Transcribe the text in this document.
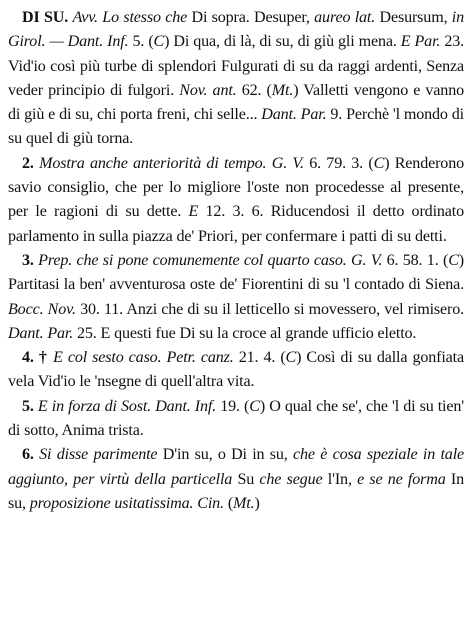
DI SU. Avv. Lo stesso che Di sopra. Desuper, aureo lat. Desursum, in Girol. — Dant. Inf. 5. (C) Di qua, di là, di su, di giù gli mena. E Par. 23. Vid'io così più turbe di splendori Fulgurati di su da raggi ardenti, Senza veder principio di fulgori. Nov. ant. 62. (Mt.) Valletti vengono e vanno di giù e di su, chi porta freni, chi selle... Dant. Par. 9. Perchè 'l mondo di su quel di giù torna.

2. Mostra anche anteriorità di tempo. G. V. 6. 79. 3. (C) Renderono savio consiglio, che per lo migliore l'oste non procedesse al presente, per le ragioni di su dette. E 12. 3. 6. Riducendosi il detto ordinato parlamento in sulla piazza de' Priori, per confermare i patti di su detti.

3. Prep. che si pone comunemente col quarto caso. G. V. 6. 58. 1. (C) Partitasi la ben' avventurosa oste de' Fiorentini di su 'l contado di Siena. Bocc. Nov. 30. 11. Anzi che di su il letticello si movessero, vel rimisero. Dant. Par. 25. E questi fue Di su la croce al grande ufficio eletto.

4. † E col sesto caso. Petr. canz. 21. 4. (C) Così di su dalla gonfiata vela Vid'io le 'nsegne di quell'altra vita.

5. E in forza di Sost. Dant. Inf. 19. (C) O qual che se', che 'l di su tien' di sotto, Anima trista.

6. Si disse parimente D'in su, o Di in su, che è cosa speziale in tale aggiunto, per virtù della particella Su che segue l'In, e se ne forma In su, proposizione usitatissima. Cin. (Mt.)
